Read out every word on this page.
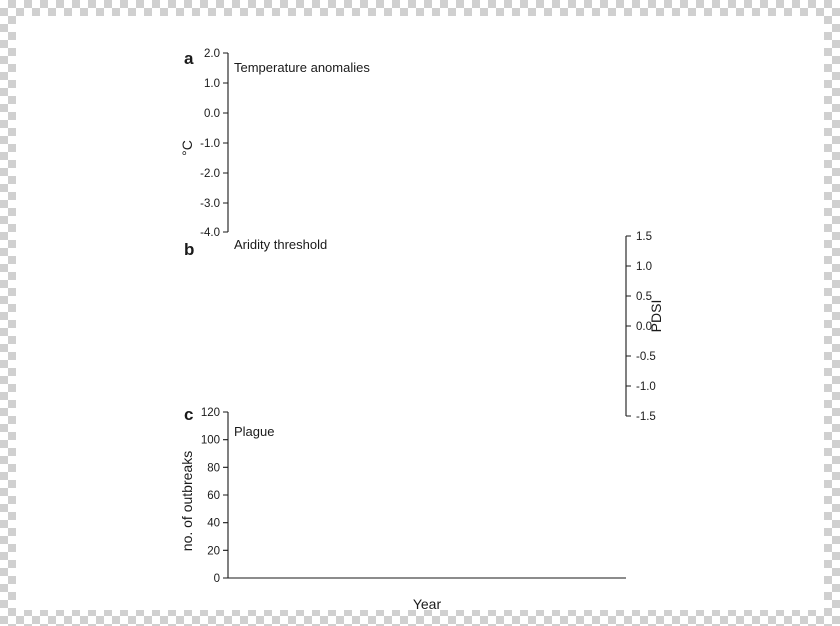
a	Temperature anomalies
°C
2.0
1.0
0.0
-1.0
-2.0
-3.0
-4.0
b	Aridity threshold
PDSI
1.5
1.0
0.5
0.0
-0.5
-1.0
-1.5
c
Plague
no. of outbreaks
120
100
80
60
40
20
0
Year
